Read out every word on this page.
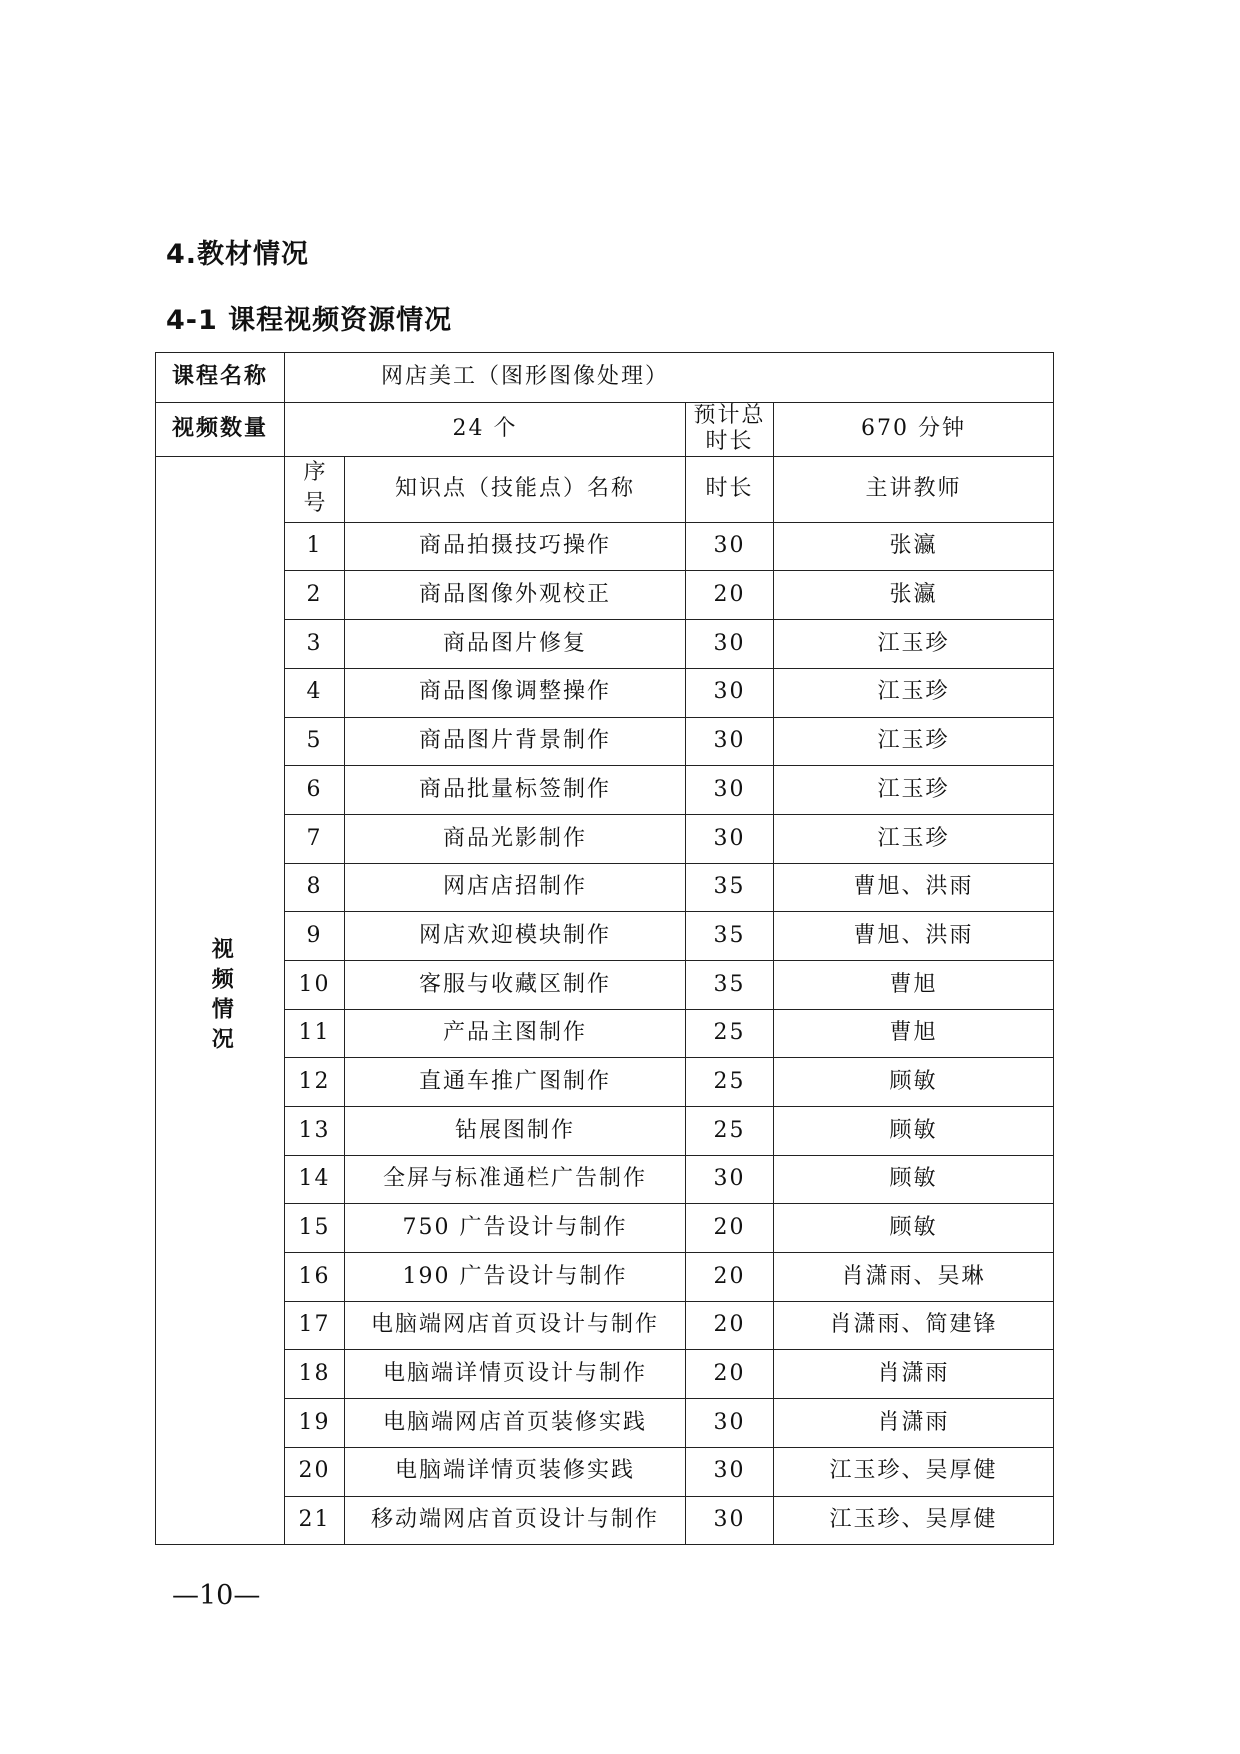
4.教材情况
4-1 课程视频资源情况
课程名称	网店美工（图形图像处理）			
视频数量	24 个		预计总时长	670 分钟
视频情况	序号	知识点（技能点）名称	时长	主讲教师
	1	商品拍摄技巧操作	30	张瀛
	2	商品图像外观校正	20	张瀛
	3	商品图片修复	30	江玉珍
	4	商品图像调整操作	30	江玉珍
	5	商品图片背景制作	30	江玉珍
	6	商品批量标签制作	30	江玉珍
	7	商品光影制作	30	江玉珍
	8	网店店招制作	35	曹旭、洪雨
	9	网店欢迎模块制作	35	曹旭、洪雨
	10	客服与收藏区制作	35	曹旭
	11	产品主图制作	25	曹旭
	12	直通车推广图制作	25	顾敏
	13	钻展图制作	25	顾敏
	14	全屏与标准通栏广告制作	30	顾敏
	15	750 广告设计与制作	20	顾敏
	16	190 广告设计与制作	20	肖潇雨、吴琳
	17	电脑端网店首页设计与制作	20	肖潇雨、简建锋
	18	电脑端详情页设计与制作	20	肖潇雨
	19	电脑端网店首页装修实践	30	肖潇雨
	20	电脑端详情页装修实践	30	江玉珍、吴厚健
	21	移动端网店首页设计与制作	30	江玉珍、吴厚健
—10—
